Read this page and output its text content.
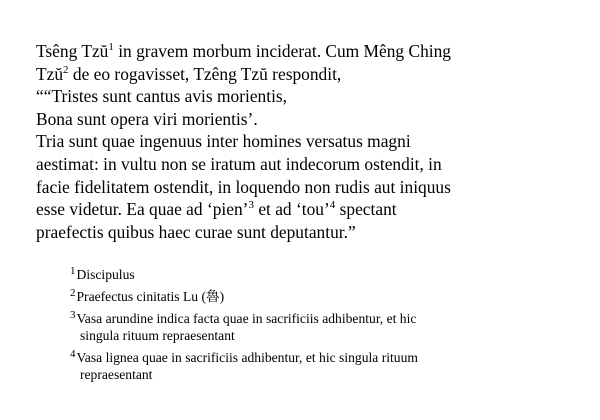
Tsêng Tzŭ$^1$ in gravem morbum inciderat. Cum Mêng Ching
Tzŭ$^2$ de eo rogavisset, Tzêng Tzŭ respondit,
““Tristes sunt cantus avis morientis,
Bona sunt opera viri morientis’.
Tria sunt quae ingenuus inter homines versatus magni
aestimat: in vultu non se iratum aut indecorum ostendit, in
facie fidelitatem ostendit, in loquendo non rudis aut iniquus
esse videtur. Ea quae ad ‘pien’$^3$ et ad ‘tou’$^4$ spectant
praefectis quibus haec curae sunt deputantur.”
$^1$Discipulus
$^2$Praefectus cinitatis Lu (魯)
$^3$Vasa arundine indica facta quae in sacrificiis adhibentur, et hic
singula rituum repraesentant
$^4$Vasa lignea quae in sacrificiis adhibentur, et hic singula rituum
repraesentant
